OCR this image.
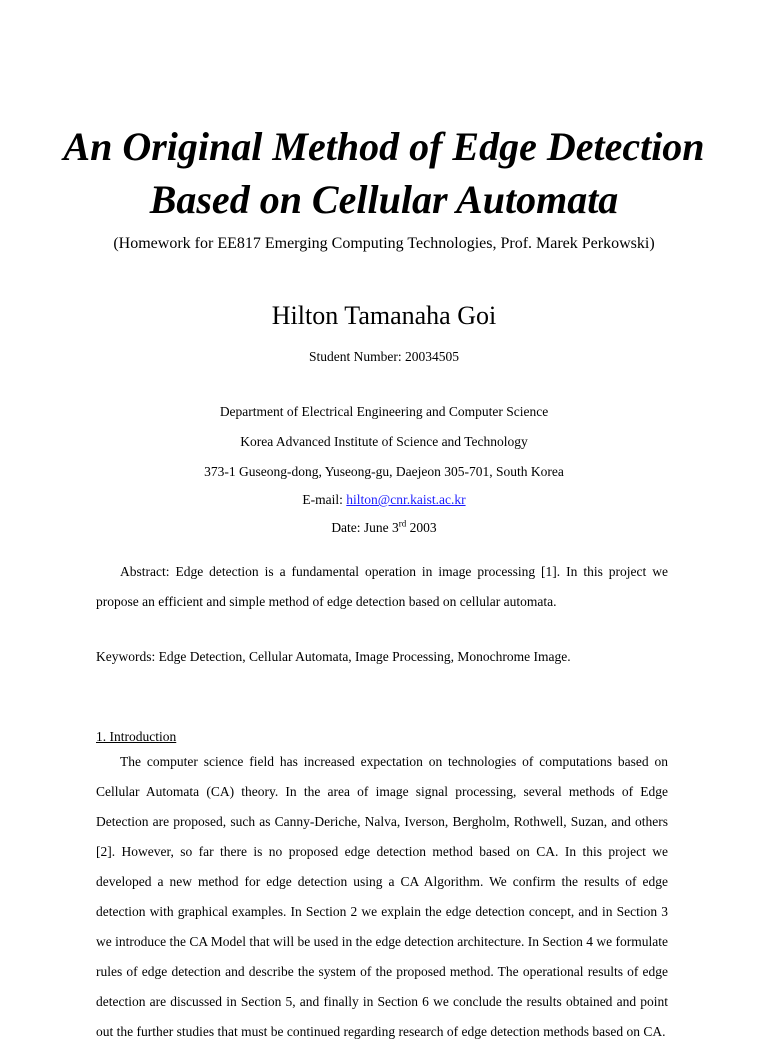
An Original Method of Edge Detection
Based on Cellular Automata
(Homework for EE817 Emerging Computing Technologies, Prof. Marek Perkowski)
Hilton Tamanaha Goi
Student Number: 20034505
Department of Electrical Engineering and Computer Science
Korea Advanced Institute of Science and Technology
373-1 Guseong-dong, Yuseong-gu, Daejeon 305-701, South Korea
E-mail: hilton@cnr.kaist.ac.kr
Date: June 3rd 2003
Abstract: Edge detection is a fundamental operation in image processing [1]. In this project we propose an efficient and simple method of edge detection based on cellular automata.
Keywords: Edge Detection, Cellular Automata, Image Processing, Monochrome Image.
1. Introduction
The computer science field has increased expectation on technologies of computations based on Cellular Automata (CA) theory. In the area of image signal processing, several methods of Edge Detection are proposed, such as Canny-Deriche, Nalva, Iverson, Bergholm, Rothwell, Suzan, and others [2]. However, so far there is no proposed edge detection method based on CA. In this project we developed a new method for edge detection using a CA Algorithm. We confirm the results of edge detection with graphical examples. In Section 2 we explain the edge detection concept, and in Section 3 we introduce the CA Model that will be used in the edge detection architecture. In Section 4 we formulate rules of edge detection and describe the system of the proposed method. The operational results of edge detection are discussed in Section 5, and finally in Section 6 we conclude the results obtained and point out the further studies that must be continued regarding research of edge detection methods based on CA.
